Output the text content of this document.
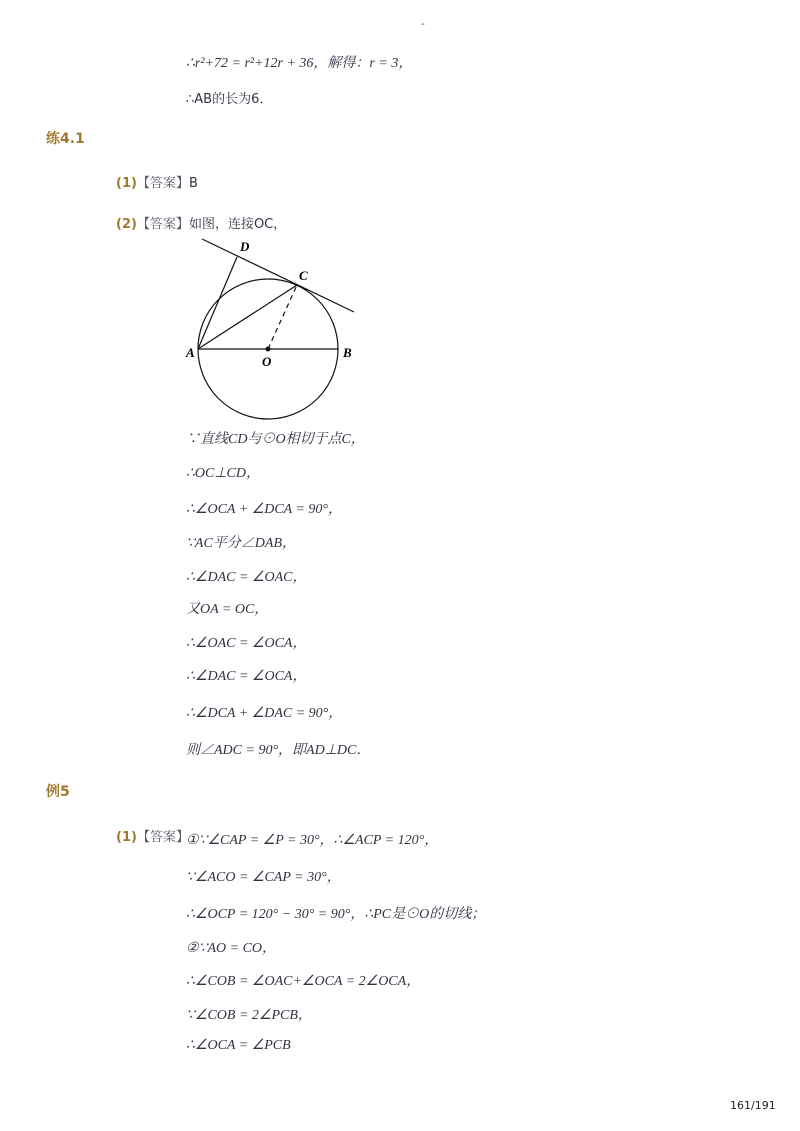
-
∴r²+72 = r²+12r + 36，解得：r = 3，
∴AB的长为6．
练4.1
(1)【答案】B
(2)【答案】如图，连接OC，
D
C
A
O
B
∵直线CD与⊙O相切于点C，
∴OC⊥CD，
∴∠OCA + ∠DCA = 90°，
∵AC平分∠DAB，
∴∠DAC = ∠OAC，
又OA = OC，
∴∠OAC = ∠OCA，
∴∠DAC = ∠OCA，
∴∠DCA + ∠DAC = 90°，
则∠ADC = 90°，即AD⊥DC．
例5
(1)【答案】
①∵∠CAP = ∠P = 30°，∴∠ACP = 120°，
∵∠ACO = ∠CAP = 30°，
∴∠OCP = 120° − 30° = 90°，∴PC是⊙O的切线；
②∵AO = CO，
∴∠COB = ∠OAC+∠OCA = 2∠OCA，
∵∠COB = 2∠PCB，
∴∠OCA = ∠PCB
161/191
